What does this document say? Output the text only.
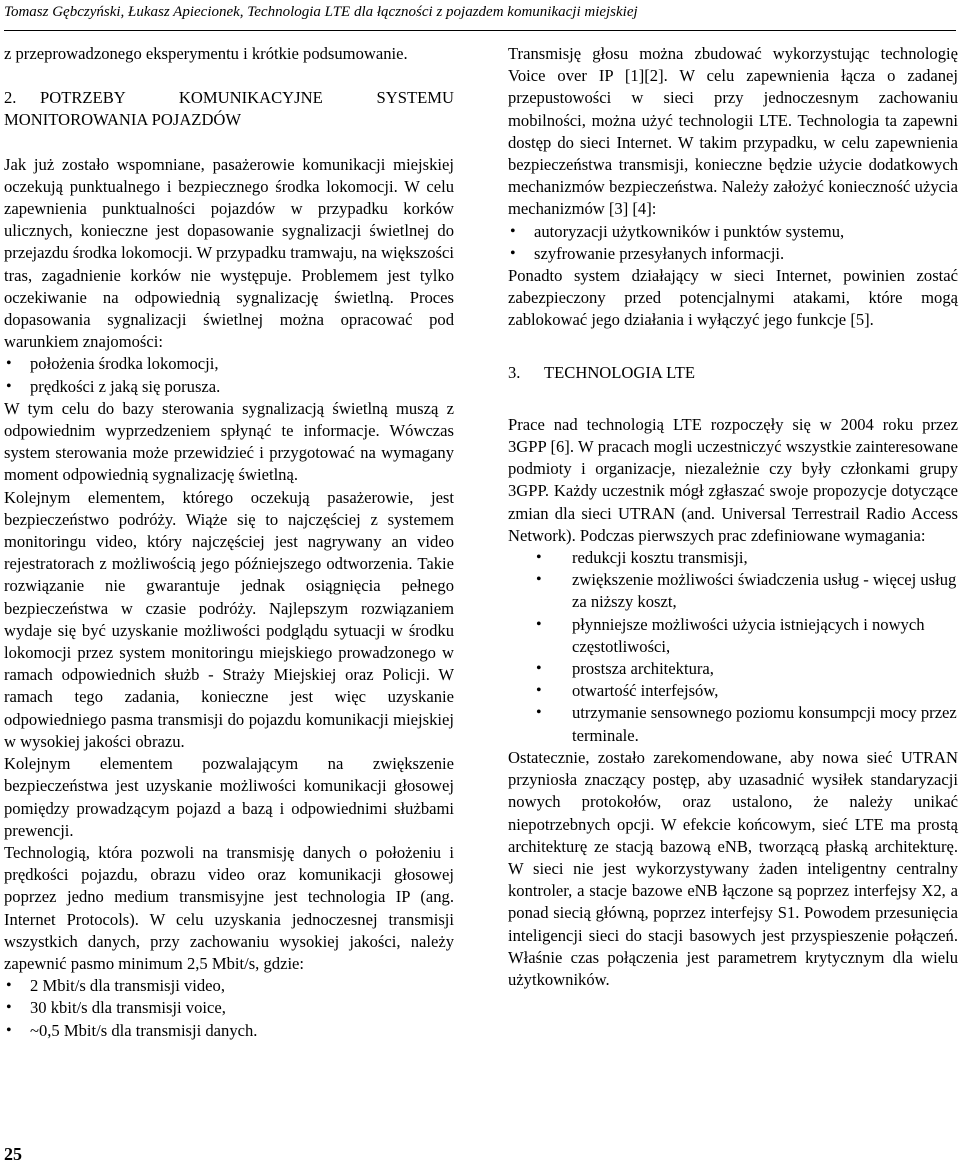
Tomasz Gębczyński, Łukasz Apiecionek, Technologia LTE dla łączności z pojazdem komunikacji miejskiej

z przeprowadzonego eksperymentu i krótkie podsumowanie.

2. POTRZEBY KOMUNIKACYJNE SYSTEMU MONITOROWANIA POJAZDÓW

Jak już zostało wspomniane, pasażerowie komunikacji miejskiej oczekują punktualnego i bezpiecznego środka lokomocji. W celu zapewnienia punktualności pojazdów w przypadku korków ulicznych, konieczne jest dopasowanie sygnalizacji świetlnej do przejazdu środka lokomocji. W przypadku tramwaju, na większości tras, zagadnienie korków nie występuje. Problemem jest tylko oczekiwanie na odpowiednią sygnalizację świetlną. Proces dopasowania sygnalizacji świetlnej można opracować pod warunkiem znajomości:

• położenia środka lokomocji,
• prędkości z jaką się porusza.

W tym celu do bazy sterowania sygnalizacją świetlną muszą z odpowiednim wyprzedzeniem spłynąć te informacje. Wówczas system sterowania może przewidzieć i przygotować na wymagany moment odpowiednią sygnalizację świetlną.

Kolejnym elementem, którego oczekują pasażerowie, jest bezpieczeństwo podróży. Wiąże się to najczęściej z systemem monitoringu video, który najczęściej jest nagrywany an video rejestratorach z możliwością jego późniejszego odtworzenia. Takie rozwiązanie nie gwarantuje jednak osiągnięcia pełnego bezpieczeństwa w czasie podróży. Najlepszym rozwiązaniem wydaje się być uzyskanie możliwości podglądu sytuacji w środku lokomocji przez system monitoringu miejskiego prowadzonego w ramach odpowiednich służb - Straży Miejskiej oraz Policji. W ramach tego zadania, konieczne jest więc uzyskanie odpowiedniego pasma transmisji do pojazdu komunikacji miejskiej w wysokiej jakości obrazu.

Kolejnym elementem pozwalającym na zwiększenie bezpieczeństwa jest uzyskanie możliwości komunikacji głosowej pomiędzy prowadzącym pojazd a bazą i odpowiednimi służbami prewencji.

Technologią, która pozwoli na transmisję danych o położeniu i prędkości pojazdu, obrazu video oraz komunikacji głosowej poprzez jedno medium transmisyjne jest technologia IP (ang. Internet Protocols). W celu uzyskania jednoczesnej transmisji wszystkich danych, przy zachowaniu wysokiej jakości, należy zapewnić pasmo minimum 2,5 Mbit/s, gdzie:

• 2 Mbit/s dla transmisji video,
• 30 kbit/s dla transmisji voice,
• ~0,5 Mbit/s dla transmisji danych.

Transmisję głosu można zbudować wykorzystując technologię Voice over IP [1][2]. W celu zapewnienia łącza o zadanej przepustowości w sieci przy jednoczesnym zachowaniu mobilności, można użyć technologii LTE. Technologia ta zapewni dostęp do sieci Internet. W takim przypadku, w celu zapewnienia bezpieczeństwa transmisji, konieczne będzie użycie dodatkowych mechanizmów bezpieczeństwa. Należy założyć konieczność użycia mechanizmów [3] [4]:

• autoryzacji użytkowników i punktów systemu,
• szyfrowanie przesyłanych informacji.

Ponadto system działający w sieci Internet, powinien zostać zabezpieczony przed potencjalnymi atakami, które mogą zablokować jego działania i wyłączyć jego funkcje [5].

3. TECHNOLOGIA LTE

Prace nad technologią LTE rozpoczęły się w 2004 roku przez 3GPP [6]. W pracach mogli uczestniczyć wszystkie zainteresowane podmioty i organizacje, niezależnie czy były członkami grupy 3GPP. Każdy uczestnik mógł zgłaszać swoje propozycje dotyczące zmian dla sieci UTRAN (and. Universal Terrestrail Radio Access Network). Podczas pierwszych prac zdefiniowane wymagania:

• redukcji kosztu transmisji,
• zwiększenie możliwości świadczenia usług - więcej usług za niższy koszt,
• płynniejsze możliwości użycia istniejących i nowych częstotliwości,
• prostsza architektura,
• otwartość interfejsów,
• utrzymanie sensownego poziomu konsumpcji mocy przez terminale.

Ostatecznie, zostało zarekomendowane, aby nowa sieć UTRAN przyniosła znaczący postęp, aby uzasadnić wysiłek standaryzacji nowych protokołów, oraz ustalono, że należy unikać niepotrzebnych opcji. W efekcie końcowym, sieć LTE ma prostą architekturę ze stacją bazową eNB, tworzącą płaską architekturę. W sieci nie jest wykorzystywany żaden inteligentny centralny kontroler, a stacje bazowe eNB łączone są poprzez interfejsy X2, a ponad siecią główną, poprzez interfejsy S1. Powodem przesunięcia inteligencji sieci do stacji basowych jest przyspieszenie połączeń. Właśnie czas połączenia jest parametrem krytycznym dla wielu użytkowników.

25
